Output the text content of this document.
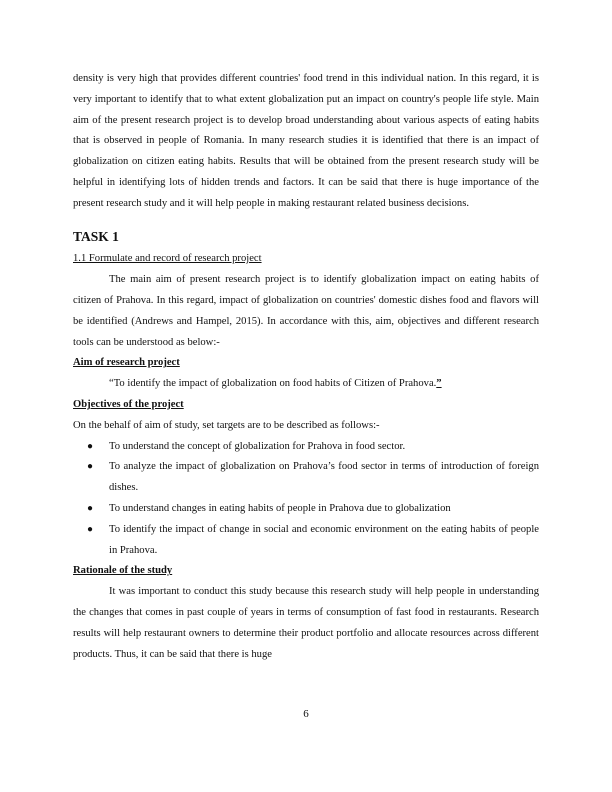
density is very high that provides different countries' food trend in this individual nation. In this regard, it is very important to identify that to what extent globalization put an impact on country's people life style. Main aim of the present research project is to develop broad understanding about various aspects of eating habits that is observed in people of Romania. In many research studies it is identified that there is an impact of globalization on citizen eating habits. Results that will be obtained from the present research study will be helpful in identifying lots of hidden trends and factors. It can be said that there is huge importance of the present research study and it will help people in making restaurant related business decisions.

TASK 1

1.1 Formulate and record of research project

The main aim of present research project is to identify globalization impact on eating habits of citizen of Prahova. In this regard, impact of globalization on countries' domestic dishes food and flavors will be identified (Andrews and Hampel, 2015). In accordance with this, aim, objectives and different research tools can be understood as below:-

Aim of research project

“To identify the impact of globalization on food habits of Citizen of Prahova.”

Objectives of the project

On the behalf of aim of study, set targets are to be described as follows:-

● To understand the concept of globalization for Prahova in food sector.
● To analyze the impact of globalization on Prahova’s food sector in terms of introduction of foreign dishes.
● To understand changes in eating habits of people in Prahova due to globalization
● To identify the impact of change in social and economic environment on the eating habits of people in Prahova.

Rationale of the study

It was important to conduct this study because this research study will help people in understanding the changes that comes in past couple of years in terms of consumption of fast food in restaurants. Research results will help restaurant owners to determine their product portfolio and allocate resources across different products. Thus, it can be said that there is huge

6
